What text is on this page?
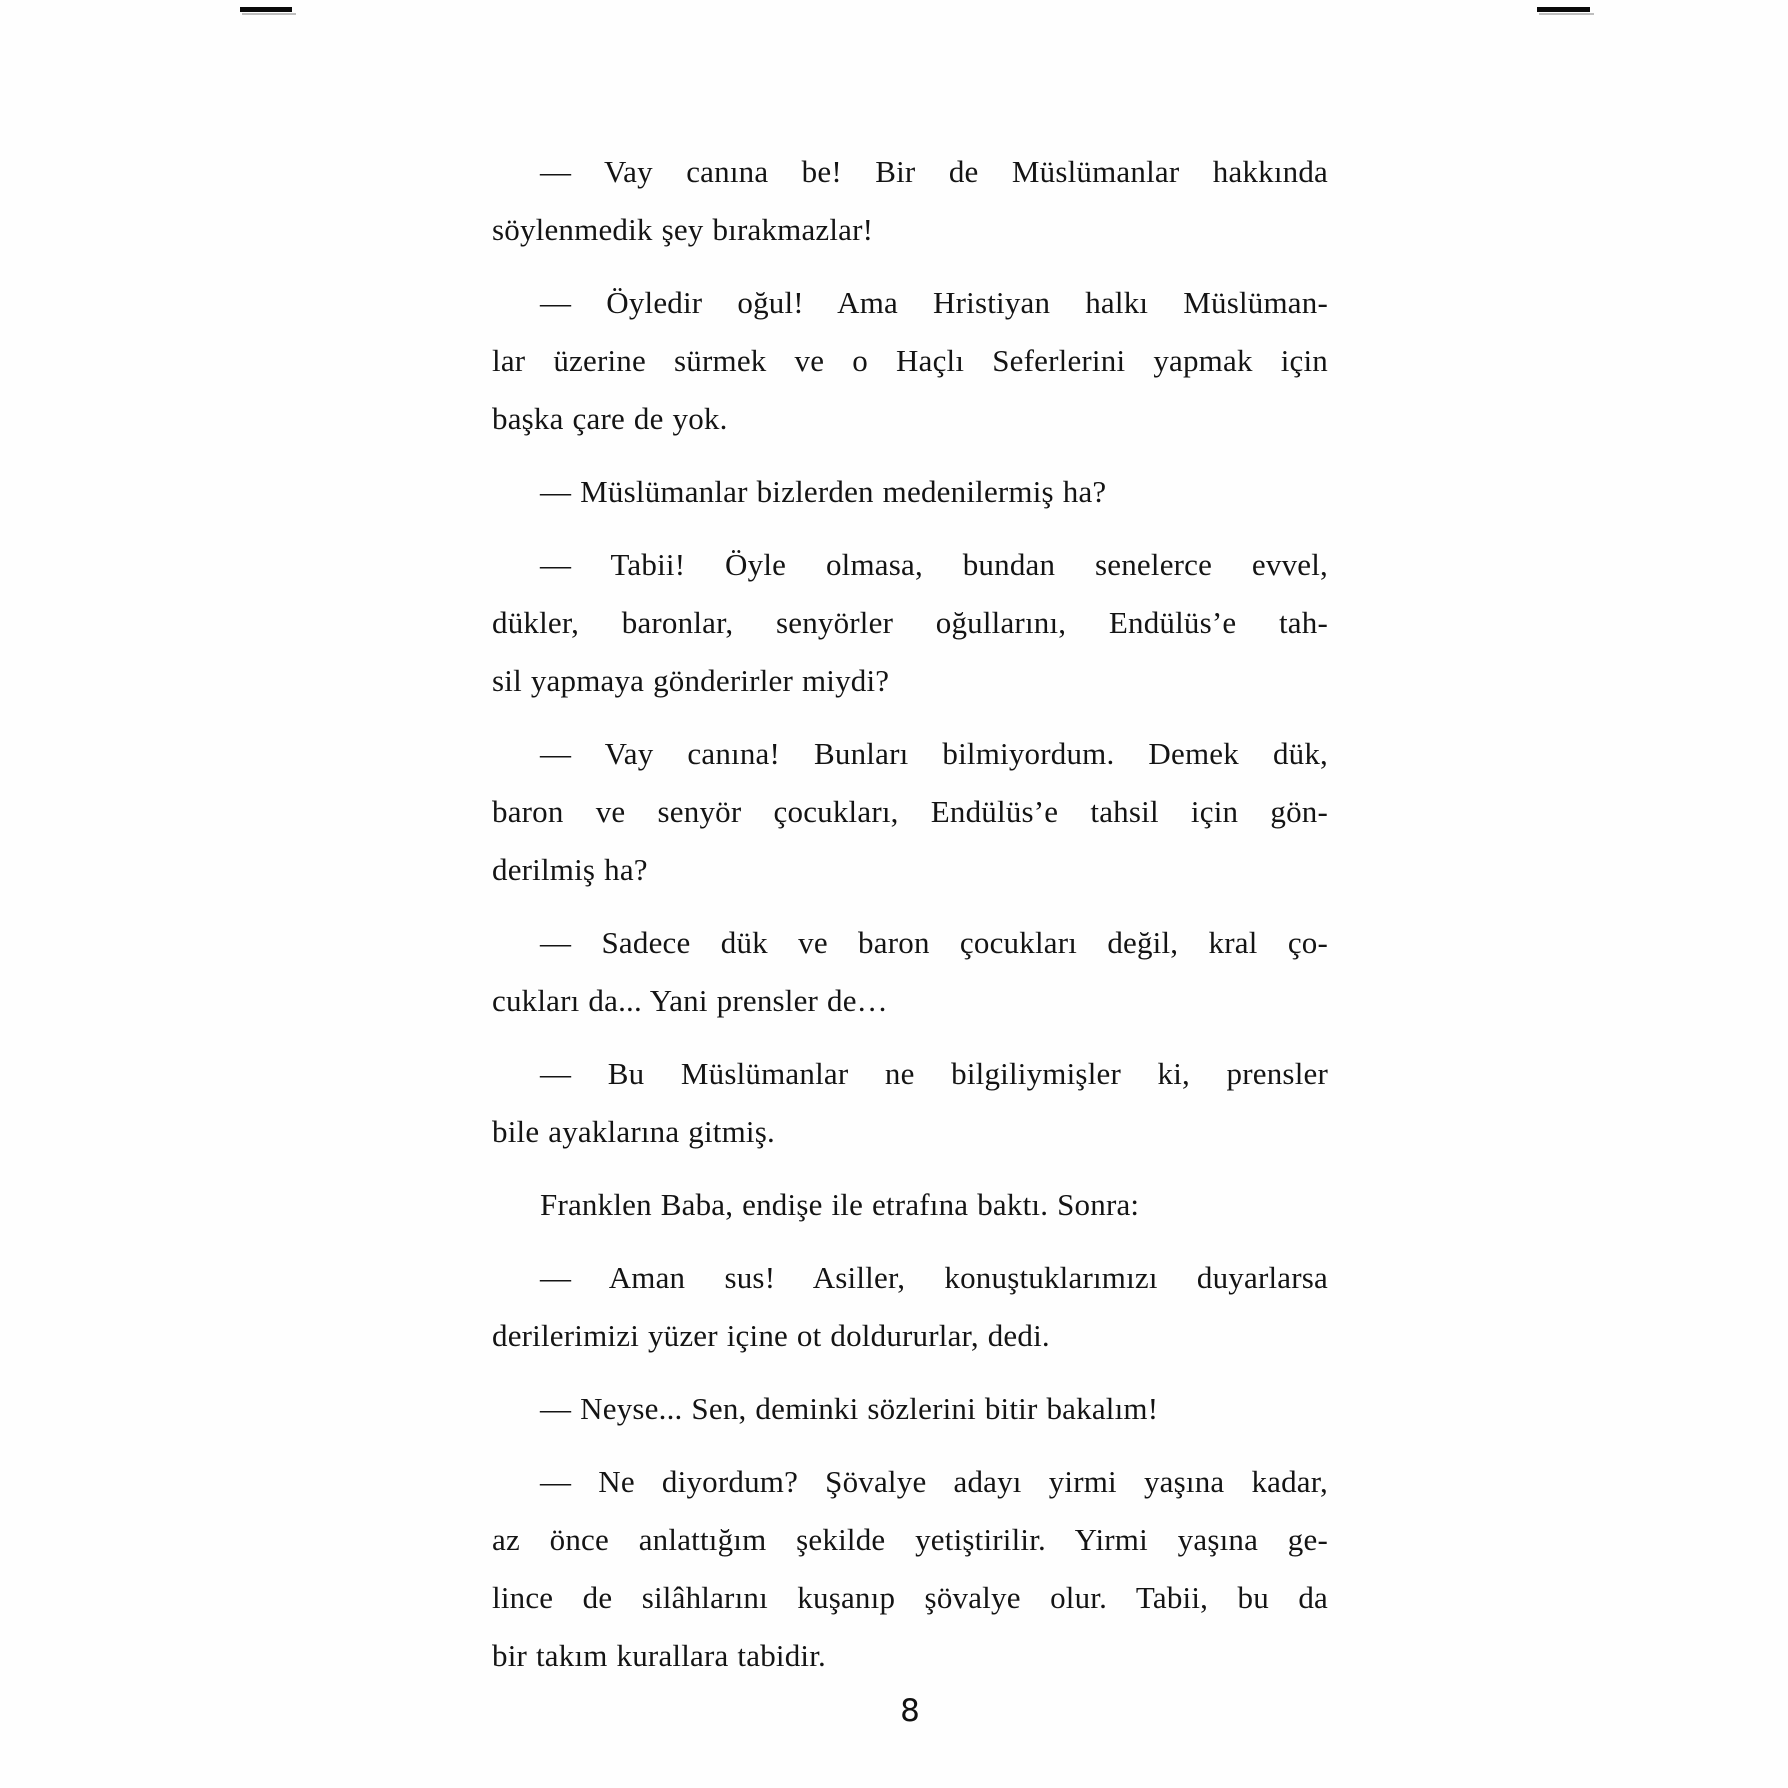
— Vay canına be! Bir de Müslümanlar hakkında
söylenmedik şey bırakmazlar!

— Öyledir oğul! Ama Hristiyan halkı Müslüman-
lar üzerine sürmek ve o Haçlı Seferlerini yapmak için
başka çare de yok.

— Müslümanlar bizlerden medenilermiş ha?

— Tabii! Öyle olmasa, bundan senelerce evvel,
dükler, baronlar, senyörler oğullarını, Endülüs’e tah-
sil yapmaya gönderirler miydi?

— Vay canına! Bunları bilmiyordum. Demek dük,
baron ve senyör çocukları, Endülüs’e tahsil için gön-
derilmiş ha?

— Sadece dük ve baron çocukları değil, kral ço-
cukları da... Yani prensler de…

— Bu Müslümanlar ne bilgiliymişler ki, prensler
bile ayaklarına gitmiş.

Franklen Baba, endişe ile etrafına baktı. Sonra:

— Aman sus! Asiller, konuştuklarımızı duyarlarsa
derilerimizi yüzer içine ot doldururlar, dedi.

— Neyse... Sen, deminki sözlerini bitir bakalım!

— Ne diyordum? Şövalye adayı yirmi yaşına kadar,
az önce anlattığım şekilde yetiştirilir. Yirmi yaşına ge-
lince de silâhlarını kuşanıp şövalye olur. Tabii, bu da
bir takım kurallara tabidir.

8
